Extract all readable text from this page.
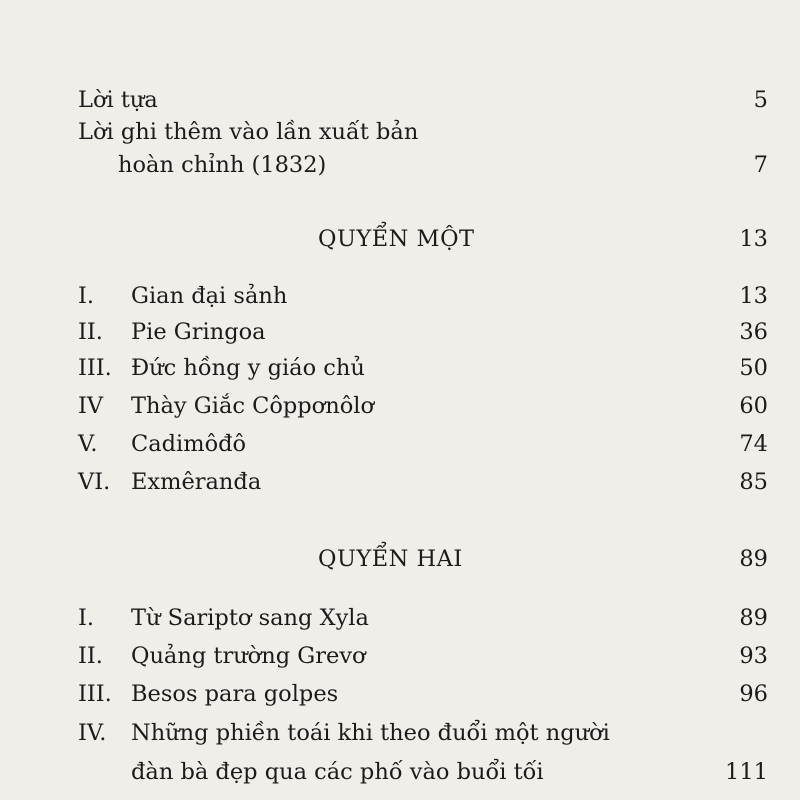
Lời tựa	5
Lời ghi thêm vào lần xuất bản
hoàn chỉnh (1832)	7
QUYỂN MỘT	13
I. Gian đại sảnh	13
II. Pie Gringoa	36
III. Đức hồng y giáo chủ	50
IV Thày Giắc Côppơnôlơ	60
V. Cadimôđô	74
VI. Exmêranđa	85
QUYỂN HAI	89
I. Từ Sariptơ sang Xyla	89
II. Quảng trường Grevơ	93
III. Besos para golpes	96
IV. Những phiền toái khi theo đuổi một người
đàn bà đẹp qua các phố vào buổi tối	111
